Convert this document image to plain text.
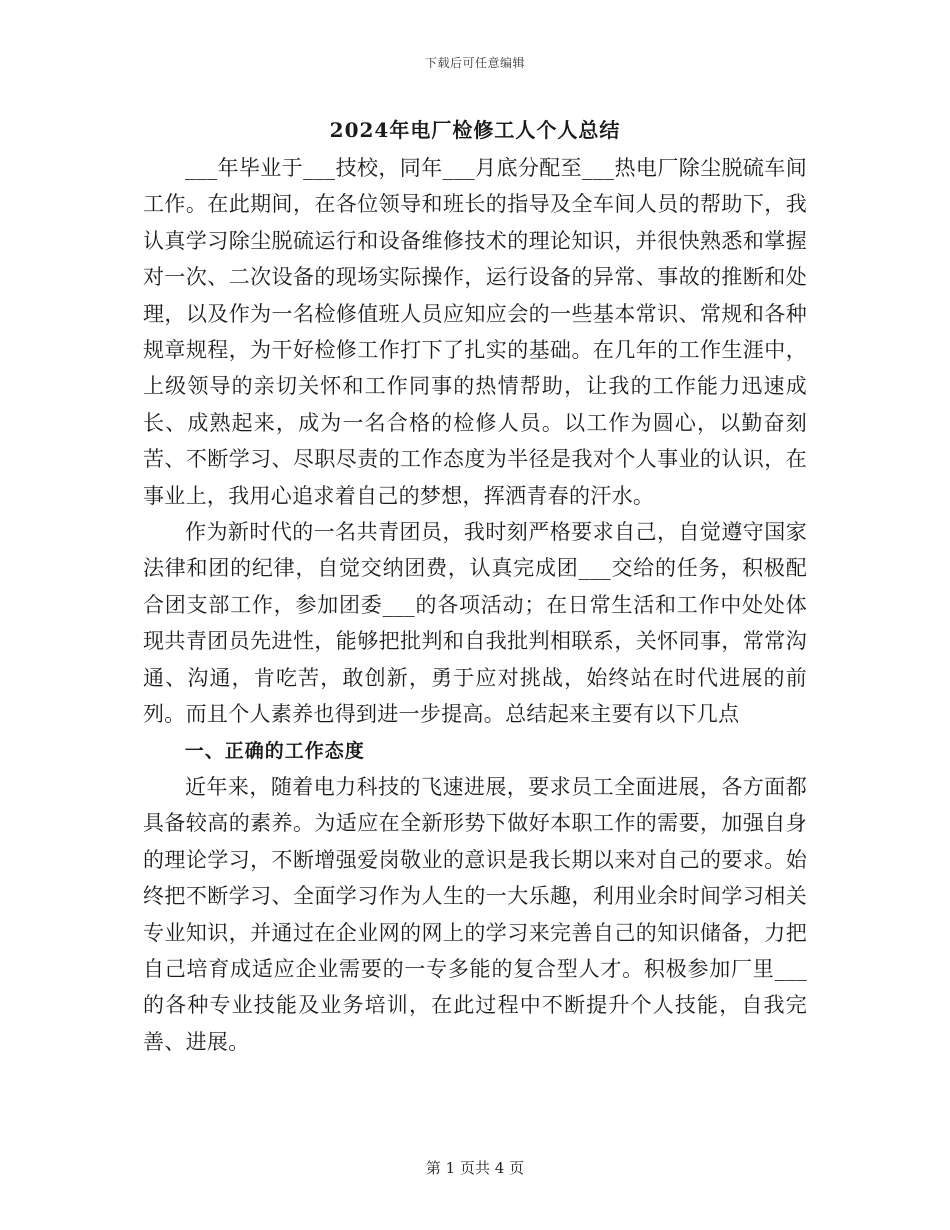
下载后可任意编辑
2024年电厂检修工人个人总结

___年毕业于___技校，同年___月底分配至___热电厂除尘脱硫车间工作。在此期间，在各位领导和班长的指导及全车间人员的帮助下，我认真学习除尘脱硫运行和设备维修技术的理论知识，并很快熟悉和掌握对一次、二次设备的现场实际操作，运行设备的异常、事故的推断和处理，以及作为一名检修值班人员应知应会的一些基本常识、常规和各种规章规程，为干好检修工作打下了扎实的基础。在几年的工作生涯中，上级领导的亲切关怀和工作同事的热情帮助，让我的工作能力迅速成长、成熟起来，成为一名合格的检修人员。以工作为圆心，以勤奋刻苦、不断学习、尽职尽责的工作态度为半径是我对个人事业的认识，在事业上，我用心追求着自己的梦想，挥洒青春的汗水。

作为新时代的一名共青团员，我时刻严格要求自己，自觉遵守国家法律和团的纪律，自觉交纳团费，认真完成团___交给的任务，积极配合团支部工作，参加团委___的各项活动；在日常生活和工作中处处体现共青团员先进性，能够把批判和自我批判相联系，关怀同事，常常沟通、沟通，肯吃苦，敢创新，勇于应对挑战，始终站在时代进展的前列。而且个人素养也得到进一步提高。总结起来主要有以下几点

一、正确的工作态度

近年来，随着电力科技的飞速进展，要求员工全面进展，各方面都具备较高的素养。为适应在全新形势下做好本职工作的需要，加强自身的理论学习，不断增强爱岗敬业的意识是我长期以来对自己的要求。始终把不断学习、全面学习作为人生的一大乐趣，利用业余时间学习相关专业知识，并通过在企业网的网上的学习来完善自己的知识储备，力把自己培育成适应企业需要的一专多能的复合型人才。积极参加厂里___的各种专业技能及业务培训，在此过程中不断提升个人技能，自我完善、进展。

第 1 页共 4 页
